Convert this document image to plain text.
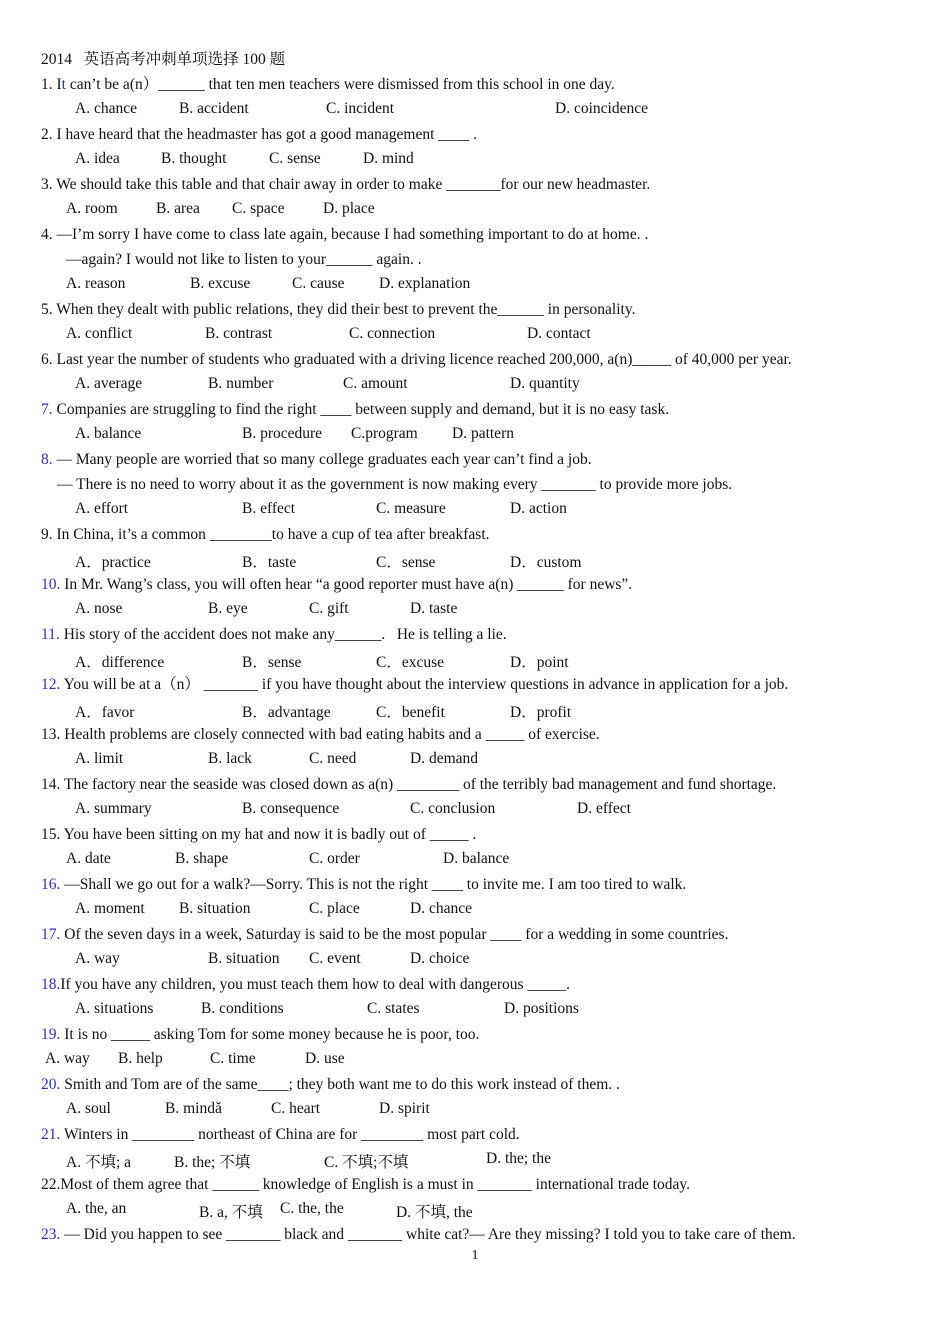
2014   英语高考冲刺单项选择 100 题
1. It can’t be a(n）______ that ten men teachers were dismissed from this school in one day.
A. chance	B. accident	C. incident	D. coincidence
2. I have heard that the headmaster has got a good management ____ .
A. idea	B. thought	C. sense	D. mind
3. We should take this table and that chair away in order to make _______for our new headmaster.
A. room B. area C. space D. place
4. —I’m sorry I have come to class late again, because I had something important to do at home. .
—again? I would not like to listen to your______ again. .
A. reason	B. excuse	C. cause D. explanation
5. When they dealt with public relations, they did their best to prevent the______ in personality.
A. conflict	B. contrast	C. connection	D. contact
6. Last year the number of students who graduated with a driving licence reached 200,000, a(n)_____ of 40,000 per year.
A. average	B. number	C. amount	D. quantity
7. Companies are struggling to find the right ____ between supply and demand, but it is no easy task.
A. balance	B. procedure C.program D. pattern
8. — Many people are worried that so many college graduates each year can’t find a job.
— There is no need to worry about it as the government is now making every _______ to provide more jobs.
A. effort	B. effect	C. measure	D. action
9. In China, it’s a common ________to have a cup of tea after breakfast.
A．practice	B．taste	C．sense	D．custom
10. In Mr. Wang’s class, you will often hear “a good reporter must have a(n) ______ for news”.
A. nose	B. eye	C. gift	D. taste
11. His story of the accident does not make any______.   He is telling a lie.
A．difference	B．sense	C．excuse	D．point
12. You will be at a（n） _______ if you have thought about the interview questions in advance in application for a job.
A．favor	B．advantage	C．benefit	D．profit
13. Health problems are closely connected with bad eating habits and a _____ of exercise.
A. limit	B. lack	C. need	D. demand
14. The factory near the seaside was closed down as a(n) ________ of the terribly bad management and fund shortage.
A. summary	B. consequence	C. conclusion	D. effect
15. You have been sitting on my hat and now it is badly out of _____ .
A. date	B. shape	C. order	D. balance
16. —Shall we go out for a walk?—Sorry. This is not the right ____ to invite me. I am too tired to walk.
A. moment B. situation	C. place	D. chance
17. Of the seven days in a week, Saturday is said to be the most popular ____ for a wedding in some countries.
A. way	B. situation C. event	D. choice
18.If you have any children, you must teach them how to deal with dangerous _____.
A. situations	B. conditions	C. states	D. positions
19. It is no _____ asking Tom for some money because he is poor, too.
A. way B. help	C. time	D. use
20. Smith and Tom are of the same____; they both want me to do this work instead of them. .
A. soul	B. mindǎ	C. heart	D. spirit
21. Winters in ________ northeast of China are for ________ most part cold.
A. 不填; a	B. the; 不填	C. 不填;不填	D. the; the
22.Most of them agree that ______ knowledge of English is a must in _______ international trade today.
A. the, an	B. a, 不填 C. the, the	D. 不填, the
23. — Did you happen to see _______ black and _______ white cat?— Are they missing? I told you to take care of them.
1
